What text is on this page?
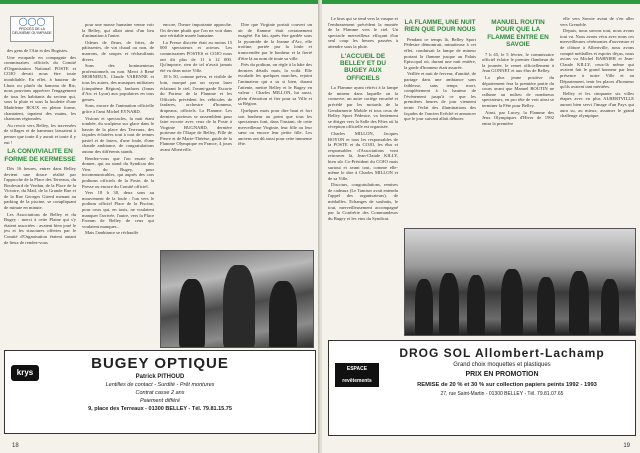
◯◯◯
PROCÈS DE LA DEUXIÈME OLYMPIADE

des gens de l'Ain et des Bugistes.

Une escapade en compagnie des commissaires officiels du Comité d'Organisation National POSTE et COJO devait nous être toute inoubliable. En effet, à hauteur de Lhuis ou plutôt du hameau de Riz, nous pouvions apprécier l'engagement de tous les habitants du secteur qui, sous la pluie et sous la houlette d'une Madeleine ROUX en pleine forme, chantaient, tapaient des mains, les chansons régionales.

Au revoir vers Belley, les traversées de villages et de hameaux laissaient à penser que toute il y aurait et toute il y eut !

LA CONVIVIALITE EN FORME DE KERMESSE

Dès 16 heures, entrer dans Belley devient une douce réalité par l'approche de la Place des Terreaux, du Boulevard de Verdun, de la Place de la Victoire, du Mail, de la Grande Rue et de la Rue Georges Girerd menant au parking de la piscine, se compliquant de minute en minute.

Les Associations de Belley et du Bugey : merci à cette Plaine qui s'y étaient associées : avaient bien joué le jeu et les structures offertes par le Comité d'Organisation étaient autant de lieux de rendez-vous

pour une masse humaine venue voir la Belley, qui allait ainsi d'un lieu d'animation à l'autre.

Odeurs de fleurs, de frites, de pâtisseries, de vin chaud ou non, de marrons, de soupes et réchauffants divers.

Sons des bonimenteurs professionnels ou non. Merci à René MORNIEUX, Claude VARENNE et tous les autres, des musiques militaires (cinquième Région), fanfares (Jonas d'Arc et Lyon) aux populaires en tous genres.

Sons, encore de l'animation officielle grâce à l'ami Michel EYNARD.

Visions et spectacles, la nuit étant tombée, du sculpteur sur glace dans le bassin de la place des Terreaux, des façades éclairées tout à tout de teintes pastel et de lasers, d'une foule, d'une chaude ambiance, de congratulations autour des différents stands.

Rendez-vous que l'on essaie de donner, qui au stand du Syndicat des Vins du Bugey, pour incommunicables, qui auprès des cars podiums officiels de la Poste, de la Presse ou encore du Comité officiel.

Vers 18 h 30, deux sons au mouvement de la foule : l'un vers le podium officiel Place de la Piscine, pour ceux qui, en taxis, ne voulaient manquer l'arrivée, l'autre, vers la Place Fromm de Belley de ceux qui voulaient manquer...

Mais l'ambiance se réchauffe

encore, l'heure importante approche. On devine plutôt que l'on ne voit dans une véritable marée humaine.

La Presse discrète était au moins 15 000 spectateurs et acteurs. Les commissaires POSTES et COJO nous ont dit plus de 11 à 12 000. Qu'importe, rien de tel n'avait jamais été vu dans notre Ville.

18 h 50, comme prévu, et visible de loin, marqué par un rayon laser éclairant le ciel, l'avant-garde Escorte du Porteur de la Flamme et les Officiels précèdent les véhicules de fanfares, orchestre d'honneur, drapeaux, officiels. La Flamme. Les derniers porteurs se rassemblent pour faire escorte avec ceux de la Poste à Virginie BUGNARD, dernière porteuse de l'Etape de Belley, Fille de Pierre et de Marie-Thérèse, guide de la Flamme Olympique en France, 4 jours avant Albertville.

Dire que Virginie portait couvert un air de flamme était certainement exagéré. En fait, après être gardée sous la pyramide de la Jeanne d'Arc, elle trottine, portée par la foule et transcendée par le bonheur et la fierté d'être là au nom de toute sa ville.

Près du podium, on règle à la hâte des derniers détails mais, la voilà. Elle escalade les quelques marches, rejoint l'animateur qui a su si bien, durant l'attente, mettre Belley et le Bugey en valeur : Charles MILLON, lui aussi, plein d'émotion et fier pour sa Ville et sa Région.

Quelques mots pour dire haut et fort son bonheur au point que tous les spectateurs font, dans l'instant, de cette merveilleuse Virginie, leur fille ou leur sœur ou encore leur petite fille. Les anciens ont dû aussi pour cette immense fête.

krys
BUGEY OPTIQUE
Patrick PITHOUD
Lentilles de contact - Surdité - Prêt montures
Contrat casse 2 ans
Paiement différé
9, place des Terreaux - 01300 BELLEY - Tél. 79.81.15.75
18

Le bras qui se tend vers la vasque et l'embrasement précédent la montée de la Flamme vers le ciel. Un spectacle merveilleux effaçant d'un seul coup les heures passées à attendre sous la pluie.

L'ACCUEIL DE BELLEY ET DU BUGEY AUX OFFICIELS

La Flamme ayant rétréci à la lampe de mineur dans laquelle on la conserve, un autre cortège encadré et précédé par les motards de la Gendarmerie Mobile et tous ceux de Belley Sport Pédestre, va lentement se diriger vers la Salle des Fêtes où la réception officielle est organisée.

Charles MILLON, Jacques BOYON et tous les responsables de la POSTE et du COJO, les élus et responsables d'Associations vont retrouver là, Jean-Claude KILLY, bien sûr Co-Président du COJO mais surtout et avant tout, comme elle-même le dire à Charles MILLON et de sa Ville.

Discours, congratulations, remises de cadeaux (Le Tamiser avait entendu l'appel des organisateurs), de médailles. Echanges de souhaits, le tout, merveilleusement accompagné par la Confrérie des Commandeurs du Bugey et les vins du Syndicat.

LA FLAMME, UNE NUIT RIEN QUE POUR NOUS

Pendant ce temps là, Belley Sport Pédestre démontrait, minutieuse à cet effet, conduisait la lampe de mineur portant la flamme jusque au Palais Episcopal où, durant une nuit entière, la garde d'honneur était assurée.

Veillée et nuit de ferveur, d'amitié, de partage dans une ambiance sans faiblesse, sans temps mort, complètement à la hauteur de l'événement jusqu'à ce que les premières heures de jour viennent ternir l'éclat des illuminations des façades de l'ancien Evêché et annoncer que le jour suivant allait débuter.

MANUEL ROUTIN POUR QUE LA FLAMME ENTRE EN SAVOIE

7 h 45, le 5 février, le commissaire officiel éclaire le premier flambeau de la journée, le remet officiellement à Jean GONNET et aux élus de Belley.

La plus jeune positive du département fera la première partie du cours avant que Manuel ROUTIN ne rallume au milieu de nombreux spectateurs, en pro tête de voir ainsi se terminer la Fête pour Belley.

Ainsi, par Lucey, la Flamme des Jeux Olympiques d'Hiver de 1992 entra la première

elle vers Savoie avant de s'en aller vers Grenoble.

Depuis, nous savons tout, nous avons tout vu. Nous avons vécu avec nous ces merveilleuses cérémonies d'ouverture et de clôture à Albertville, nous avons compté médailles et espoirs déçus, nous avons vu Michel BARNIER et Jean-Claude KILLY, ceux-là même qui avaient fait le grand honneur par leur présence à notre Ville et au Département, tenir les places d'honneur qu'ils avaient tant méritées.

Belley et les cinquante six villes étapes avec en plus ALBERTVILLE auront bien servi l'image d'un Pays qui aura su, au mieux, assumer le grand challenge olympique.

ESPACE revêtements
DROG SOL Allombert-Lachamp
Grand choix moquettes et plastiques
PRIX EN PROMOTION
REMISE de 20 % et 30 % sur collection papiers peints 1992 - 1993
27, rue Saint-Martin - 01300 BELLEY - Tél. 79.81.07.65
19
